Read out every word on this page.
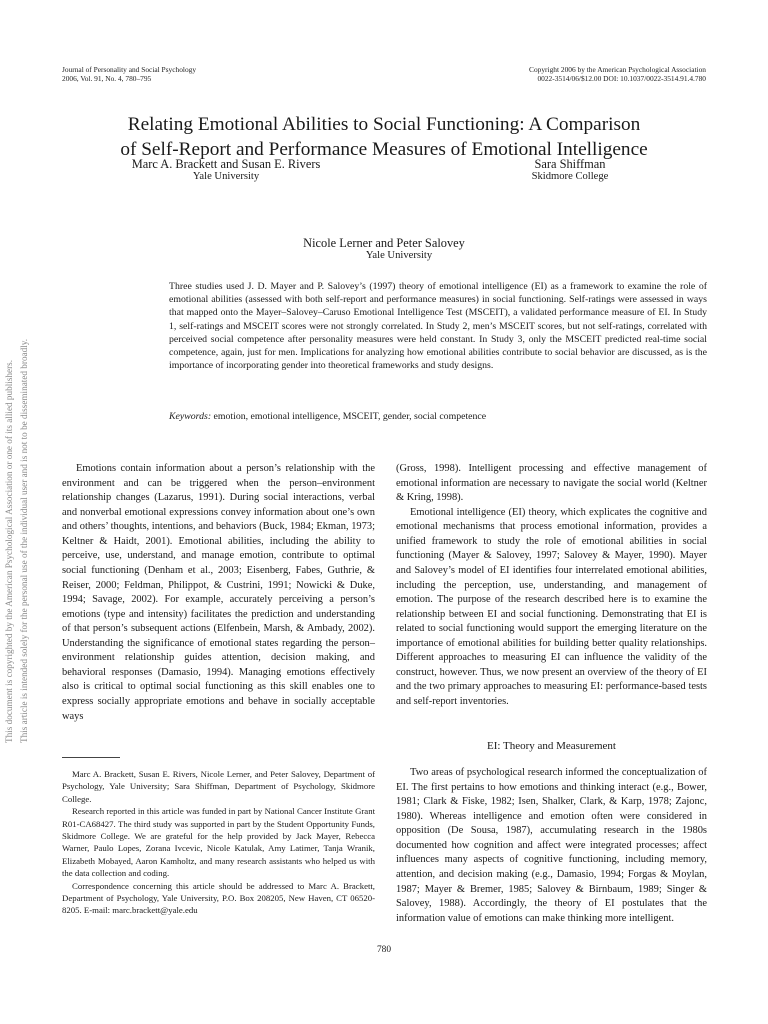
Journal of Personality and Social Psychology
2006, Vol. 91, No. 4, 780–795
Copyright 2006 by the American Psychological Association
0022-3514/06/$12.00 DOI: 10.1037/0022-3514.91.4.780
Relating Emotional Abilities to Social Functioning: A Comparison
of Self-Report and Performance Measures of Emotional Intelligence
Marc A. Brackett and Susan E. Rivers
Yale University
Sara Shiffman
Skidmore College
Nicole Lerner and Peter Salovey
Yale University
Three studies used J. D. Mayer and P. Salovey’s (1997) theory of emotional intelligence (EI) as a framework to examine the role of emotional abilities (assessed with both self-report and performance measures) in social functioning. Self-ratings were assessed in ways that mapped onto the Mayer–Salovey–Caruso Emotional Intelligence Test (MSCEIT), a validated performance measure of EI. In Study 1, self-ratings and MSCEIT scores were not strongly correlated. In Study 2, men’s MSCEIT scores, but not self-ratings, correlated with perceived social competence after personality measures were held constant. In Study 3, only the MSCEIT predicted real-time social competence, again, just for men. Implications for analyzing how emotional abilities contribute to social behavior are discussed, as is the importance of incorporating gender into theoretical frameworks and study designs.
Keywords: emotion, emotional intelligence, MSCEIT, gender, social competence

Emotions contain information about a person’s relationship with the environment and can be triggered when the person–environment relationship changes (Lazarus, 1991). During social interactions, verbal and nonverbal emotional expressions convey information about one’s own and others’ thoughts, intentions, and behaviors (Buck, 1984; Ekman, 1973; Keltner & Haidt, 2001). Emotional abilities, including the ability to perceive, use, understand, and manage emotion, contribute to optimal social functioning (Denham et al., 2003; Eisenberg, Fabes, Guthrie, & Reiser, 2000; Feldman, Philippot, & Custrini, 1991; Nowicki & Duke, 1994; Savage, 2002). For example, accurately perceiving a person’s emotions (type and intensity) facilitates the prediction and understanding of that person’s subsequent actions (Elfenbein, Marsh, & Ambady, 2002). Understanding the significance of emotional states regarding the person–environment relationship guides attention, decision making, and behavioral responses (Damasio, 1994). Managing emotions effectively also is critical to optimal social functioning as this skill enables one to express socially appropriate emotions and behave in socially acceptable ways

Marc A. Brackett, Susan E. Rivers, Nicole Lerner, and Peter Salovey, Department of Psychology, Yale University; Sara Shiffman, Department of Psychology, Skidmore College.

Research reported in this article was funded in part by National Cancer Institute Grant R01-CA68427. The third study was supported in part by the Student Opportunity Funds, Skidmore College. We are grateful for the help provided by Jack Mayer, Rebecca Warner, Paulo Lopes, Zorana Ivcevic, Nicole Katulak, Amy Latimer, Tanja Wranik, Elizabeth Mobayed, Aaron Kamholtz, and many research assistants who helped us with the data collection and coding.

Correspondence concerning this article should be addressed to Marc A. Brackett, Department of Psychology, Yale University, P.O. Box 208205, New Haven, CT 06520-8205. E-mail: marc.brackett@yale.edu

(Gross, 1998). Intelligent processing and effective management of emotional information are necessary to navigate the social world (Keltner & Kring, 1998).

Emotional intelligence (EI) theory, which explicates the cognitive and emotional mechanisms that process emotional information, provides a unified framework to study the role of emotional abilities in social functioning (Mayer & Salovey, 1997; Salovey & Mayer, 1990). Mayer and Salovey’s model of EI identifies four interrelated emotional abilities, including the perception, use, understanding, and management of emotion. The purpose of the research described here is to examine the relationship between EI and social functioning. Demonstrating that EI is related to social functioning would support the emerging literature on the importance of emotional abilities for building better quality relationships. Different approaches to measuring EI can influence the validity of the construct, however. Thus, we now present an overview of the theory of EI and the two primary approaches to measuring EI: performance-based tests and self-report inventories.

EI: Theory and Measurement

Two areas of psychological research informed the conceptualization of EI. The first pertains to how emotions and thinking interact (e.g., Bower, 1981; Clark & Fiske, 1982; Isen, Shalker, Clark, & Karp, 1978; Zajonc, 1980). Whereas intelligence and emotion often were considered in opposition (De Sousa, 1987), accumulating research in the 1980s documented how cognition and affect were integrated processes; affect influences many aspects of cognitive functioning, including memory, attention, and decision making (e.g., Damasio, 1994; Forgas & Moylan, 1987; Mayer & Bremer, 1985; Salovey & Birnbaum, 1989; Singer & Salovey, 1988). Accordingly, the theory of EI postulates that the information value of emotions can make thinking more intelligent.

780
This document is copyrighted by the American Psychological Association or one of its allied publishers. This article is intended solely for the personal use of the individual user and is not to be disseminated broadly.
